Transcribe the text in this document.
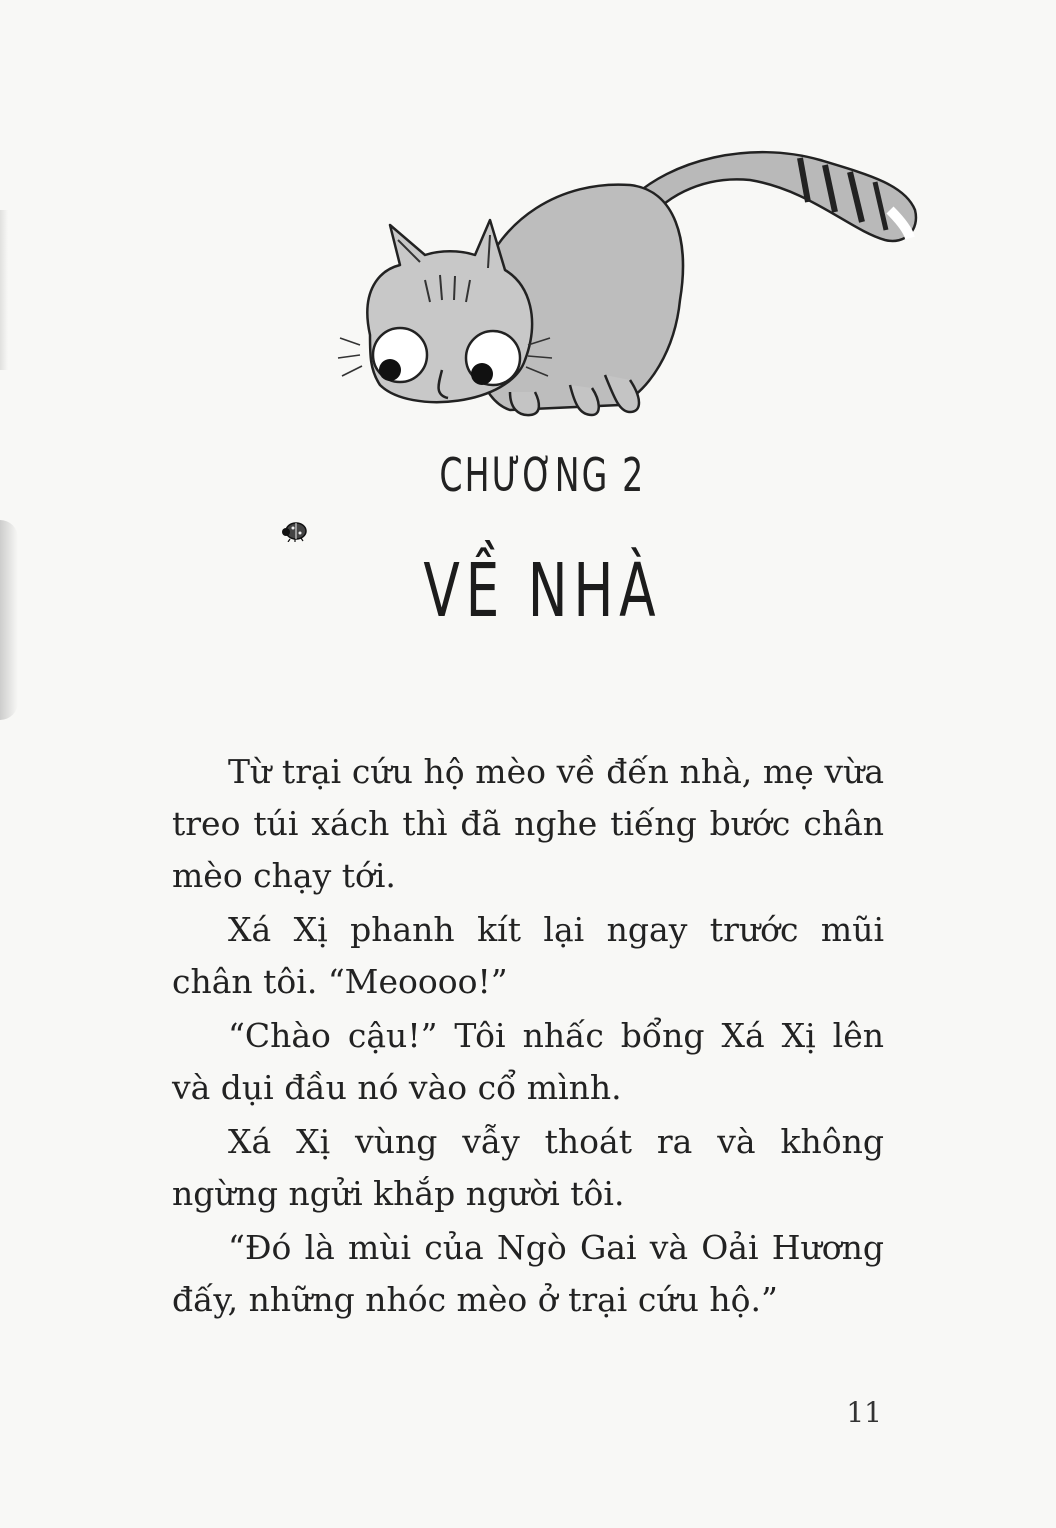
CHƯƠNG 2
VỀ NHÀ

Từ trại cứu hộ mèo về đến nhà, mẹ vừa treo túi xách thì đã nghe tiếng bước chân mèo chạy tới.

Xá Xị phanh kít lại ngay trước mũi chân tôi. “Meoooo!”

“Chào cậu!” Tôi nhấc bổng Xá Xị lên và dụi đầu nó vào cổ mình.

Xá Xị vùng vẫy thoát ra và không ngừng ngửi khắp người tôi.

“Đó là mùi của Ngò Gai và Oải Hương đấy, những nhóc mèo ở trại cứu hộ.”

11
